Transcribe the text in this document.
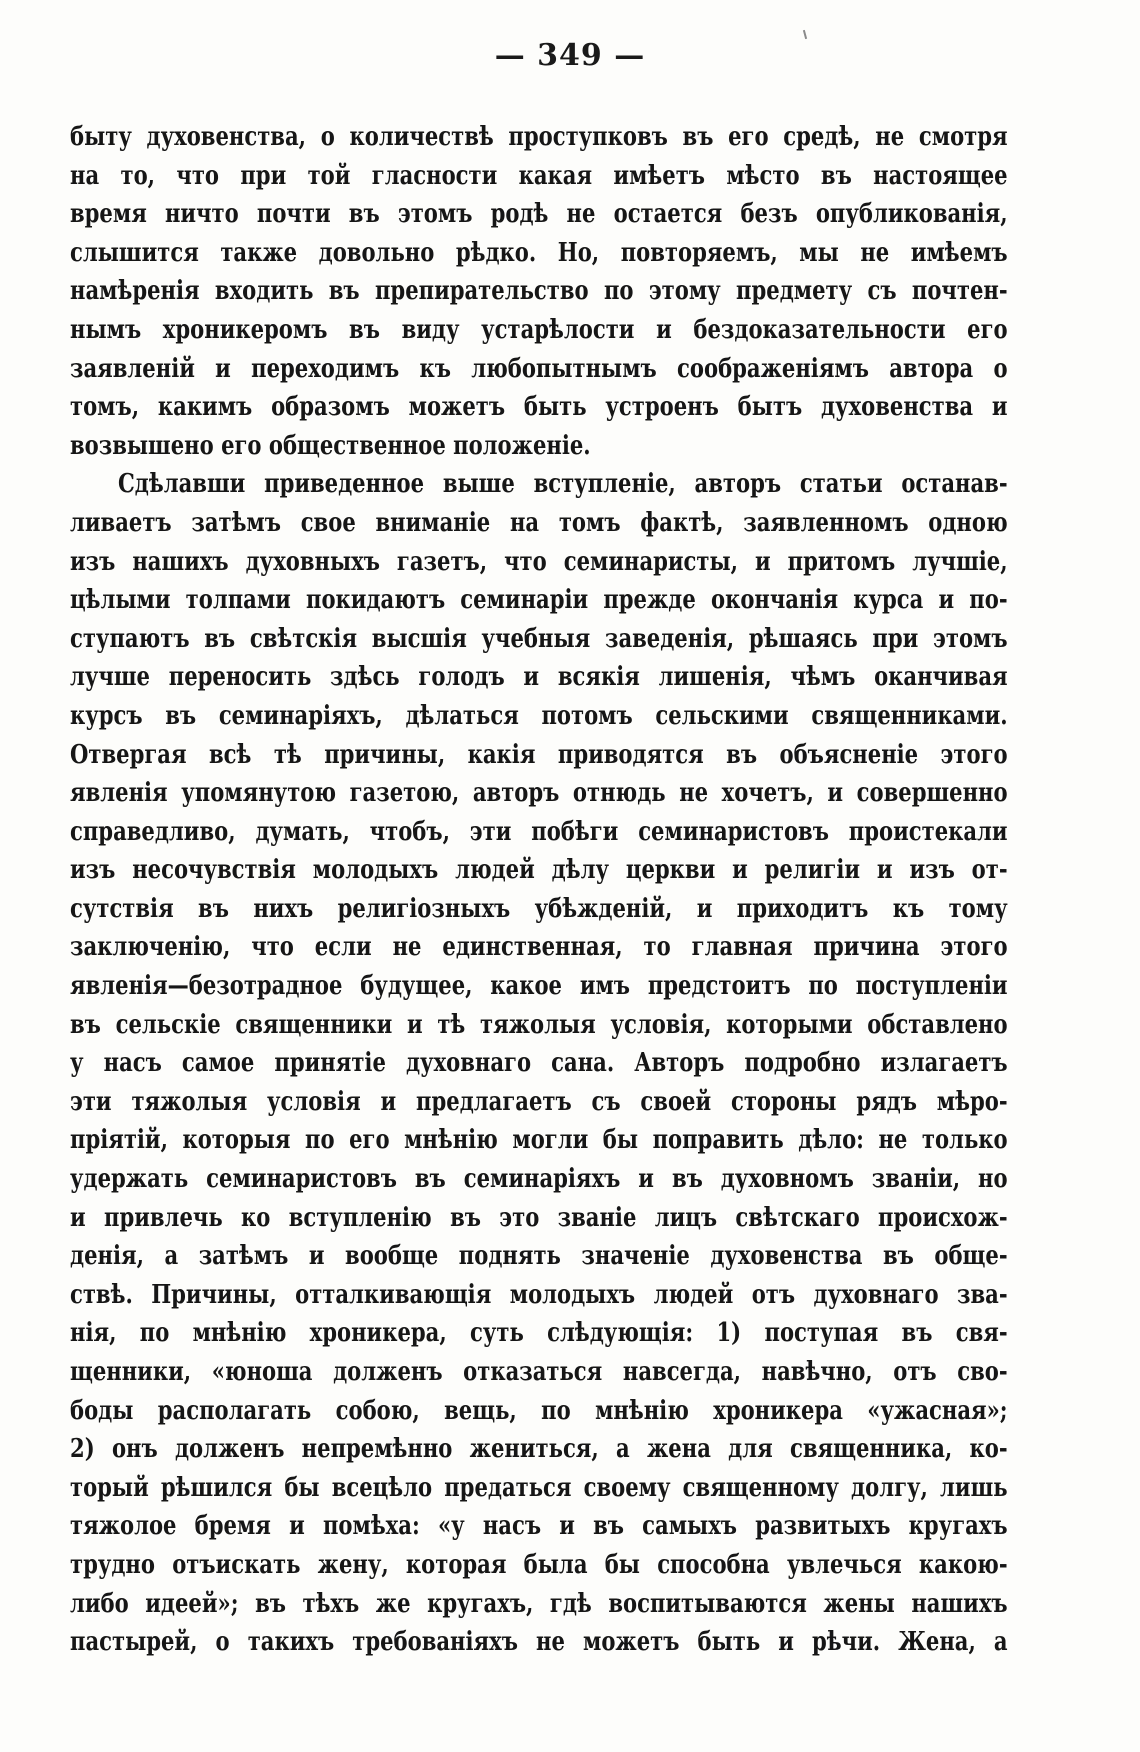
— 349 —
быту духовенства, о количествѣ проступковъ въ его средѣ, не смотря
на то, что при той гласности какая имѣетъ мѣсто въ настоящее
время ничто почти въ этомъ родѣ не остается безъ опубликованія,
слышится также довольно рѣдко. Но, повторяемъ, мы не имѣемъ
намѣренія входить въ препирательство по этому предмету съ почтен-
нымъ хроникеромъ въ виду устарѣлости и бездоказательности его
заявленій и переходимъ къ любопытнымъ соображеніямъ автора о
томъ, какимъ образомъ можетъ быть устроенъ бытъ духовенства и
возвышено его общественное положеніе.
Сдѣлавши приведенное выше вступленіе, авторъ статьи останав-
ливаетъ затѣмъ свое вниманіе на томъ фактѣ, заявленномъ одною
изъ нашихъ духовныхъ газетъ, что семинаристы, и притомъ лучшіе,
цѣлыми толпами покидаютъ семинаріи прежде окончанія курса и по-
ступаютъ въ свѣтскія высшія учебныя заведенія, рѣшаясь при этомъ
лучше переносить здѣсь голодъ и всякія лишенія, чѣмъ оканчивая
курсъ въ семинаріяхъ, дѣлаться потомъ сельскими священниками.
Отвергая всѣ тѣ причины, какія приводятся въ объясненіе этого
явленія упомянутою газетою, авторъ отнюдь не хочетъ, и совершенно
справедливо, думать, чтобъ, эти побѣги семинаристовъ проистекали
изъ несочувствія молодыхъ людей дѣлу церкви и религіи и изъ от-
сутствія въ нихъ религіозныхъ убѣжденій, и приходитъ къ тому
заключенію, что если не единственная, то главная причина этого
явленія—безотрадное будущее, какое имъ предстоитъ по поступленіи
въ сельскіе священники и тѣ тяжолыя условія, которыми обставлено
у насъ самое принятіе духовнаго сана. Авторъ подробно излагаетъ
эти тяжолыя условія и предлагаетъ съ своей стороны рядъ мѣро-
пріятій, которыя по его мнѣнію могли бы поправить дѣло: не только
удержать семинаристовъ въ семинаріяхъ и въ духовномъ званіи, но
и привлечь ко вступленію въ это званіе лицъ свѣтскаго происхож-
денія, а затѣмъ и вообще поднять значеніе духовенства въ обще-
ствѣ. Причины, отталкивающія молодыхъ людей отъ духовнаго зва-
нія, по мнѣнію хроникера, суть слѣдующія: 1) поступая въ свя-
щенники, «юноша долженъ отказаться навсегда, навѣчно, отъ сво-
боды располагать собою, вещь, по мнѣнію хроникера «ужасная»;
2) онъ долженъ непремѣнно жениться, а жена для священника, ко-
торый рѣшился бы всецѣло предаться своему священному долгу, лишь
тяжолое бремя и помѣха: «у насъ и въ самыхъ развитыхъ кругахъ
трудно отъискать жену, которая была бы способна увлечься какою-
либо идеей»; въ тѣхъ же кругахъ, гдѣ воспитываются жены нашихъ
пастырей, о такихъ требованіяхъ не можетъ быть и рѣчи. Жена, а
